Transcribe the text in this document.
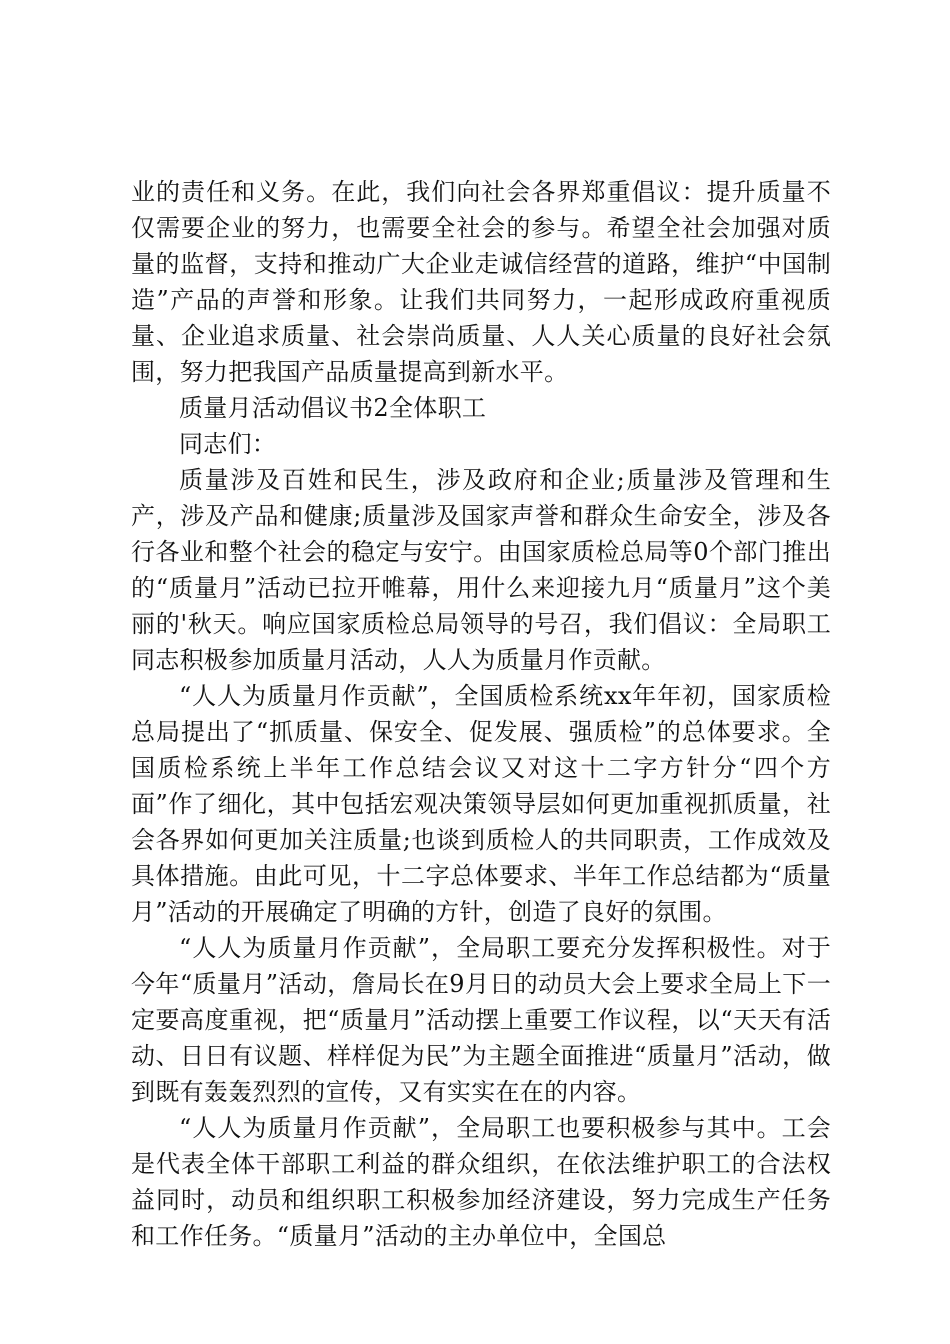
业的责任和义务。在此，我们向社会各界郑重倡议：提升质量不仅需要企业的努力，也需要全社会的参与。希望全社会加强对质量的监督，支持和推动广大企业走诚信经营的道路，维护“中国制造”产品的声誉和形象。让我们共同努力，一起形成政府重视质量、企业追求质量、社会崇尚质量、人人关心质量的良好社会氛围，努力把我国产品质量提高到新水平。

质量月活动倡议书2全体职工

同志们：

质量涉及百姓和民生，涉及政府和企业;质量涉及管理和生产，涉及产品和健康;质量涉及国家声誉和群众生命安全，涉及各行各业和整个社会的稳定与安宁。由国家质检总局等0个部门推出的“质量月”活动已拉开帷幕，用什么来迎接九月“质量月”这个美丽的'秋天。响应国家质检总局领导的号召，我们倡议：全局职工同志积极参加质量月活动，人人为质量月作贡献。

“人人为质量月作贡献”，全国质检系统xx年年初，国家质检总局提出了“抓质量、保安全、促发展、强质检”的总体要求。全国质检系统上半年工作总结会议又对这十二字方针分“四个方面”作了细化，其中包括宏观决策领导层如何更加重视抓质量，社会各界如何更加关注质量;也谈到质检人的共同职责，工作成效及具体措施。由此可见，十二字总体要求、半年工作总结都为“质量月”活动的开展确定了明确的方针，创造了良好的氛围。

“人人为质量月作贡献”，全局职工要充分发挥积极性。对于今年“质量月”活动，詹局长在9月日的动员大会上要求全局上下一定要高度重视，把“质量月”活动摆上重要工作议程，以“天天有活动、日日有议题、样样促为民”为主题全面推进“质量月”活动，做到既有轰轰烈烈的宣传，又有实实在在的内容。

“人人为质量月作贡献”，全局职工也要积极参与其中。工会是代表全体干部职工利益的群众组织，在依法维护职工的合法权益同时，动员和组织职工积极参加经济建设，努力完成生产任务和工作任务。“质量月”活动的主办单位中，全国总
